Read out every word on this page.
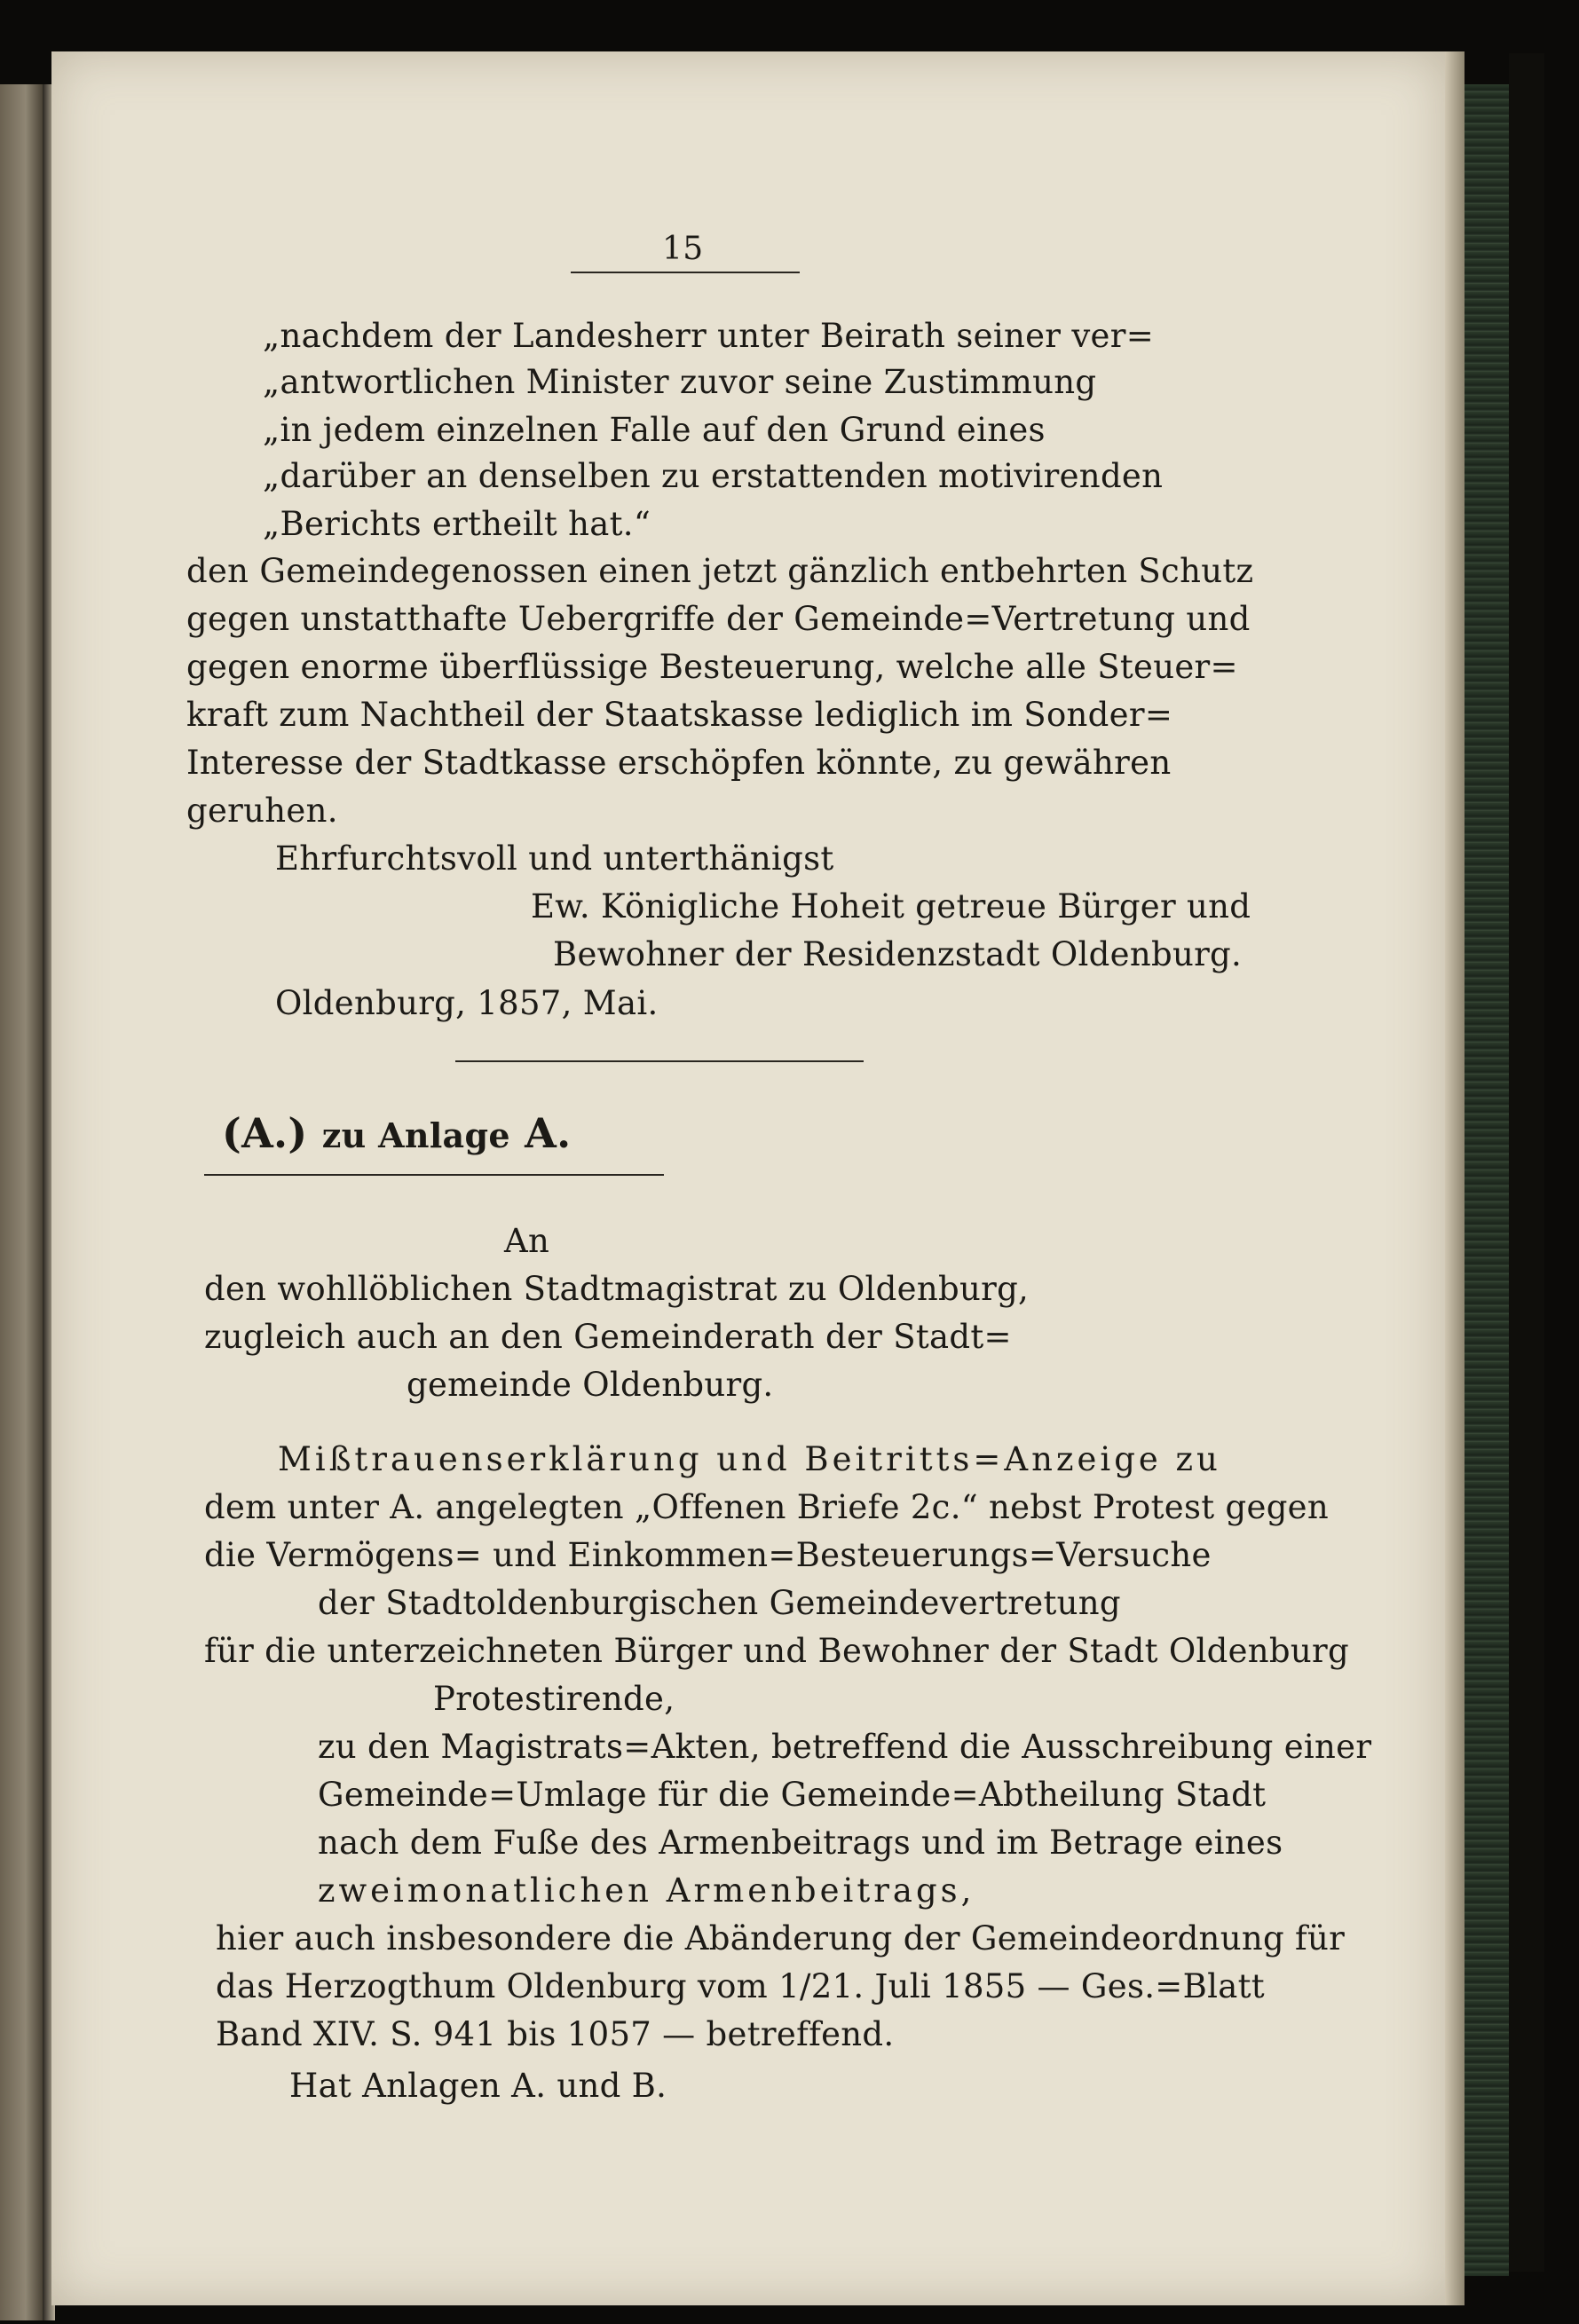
15
„nachdem der Landesherr unter Beirath seiner ver=
„antwortlichen Minister zuvor seine Zustimmung
„in jedem einzelnen Falle auf den Grund eines
„darüber an denselben zu erstattenden motivirenden
„Berichts ertheilt hat.“
den Gemeindegenossen einen jetzt gänzlich entbehrten Schutz
gegen unstatthafte Uebergriffe der Gemeinde=Vertretung und
gegen enorme überflüssige Besteuerung, welche alle Steuer=
kraft zum Nachtheil der Staatskasse lediglich im Sonder=
Interesse der Stadtkasse erschöpfen könnte, zu gewähren
geruhen.
Ehrfurchtsvoll und unterthänigst
Ew. Königliche Hoheit getreue Bürger und
Bewohner der Residenzstadt Oldenburg.
Oldenburg, 1857, Mai.
(A.) zu Anlage A.
An
den wohllöblichen Stadtmagistrat zu Oldenburg,
zugleich auch an den Gemeinderath der Stadt=
gemeinde Oldenburg.
Mißtrauenserklärung und Beitritts=Anzeige zu
dem unter A. angelegten „Offenen Briefe 2c.“ nebst Protest gegen
die Vermögens= und Einkommen=Besteuerungs=Versuche
der Stadtoldenburgischen Gemeindevertretung
für die unterzeichneten Bürger und Bewohner der Stadt Oldenburg
Protestirende,
zu den Magistrats=Akten, betreffend die Ausschreibung einer
Gemeinde=Umlage für die Gemeinde=Abtheilung Stadt
nach dem Fuße des Armenbeitrags und im Betrage eines
zweimonatlichen Armenbeitrags,
hier auch insbesondere die Abänderung der Gemeindeordnung für
das Herzogthum Oldenburg vom 1/21. Juli 1855 — Ges.=Blatt
Band XIV. S. 941 bis 1057 — betreffend.
Hat Anlagen A. und B.
